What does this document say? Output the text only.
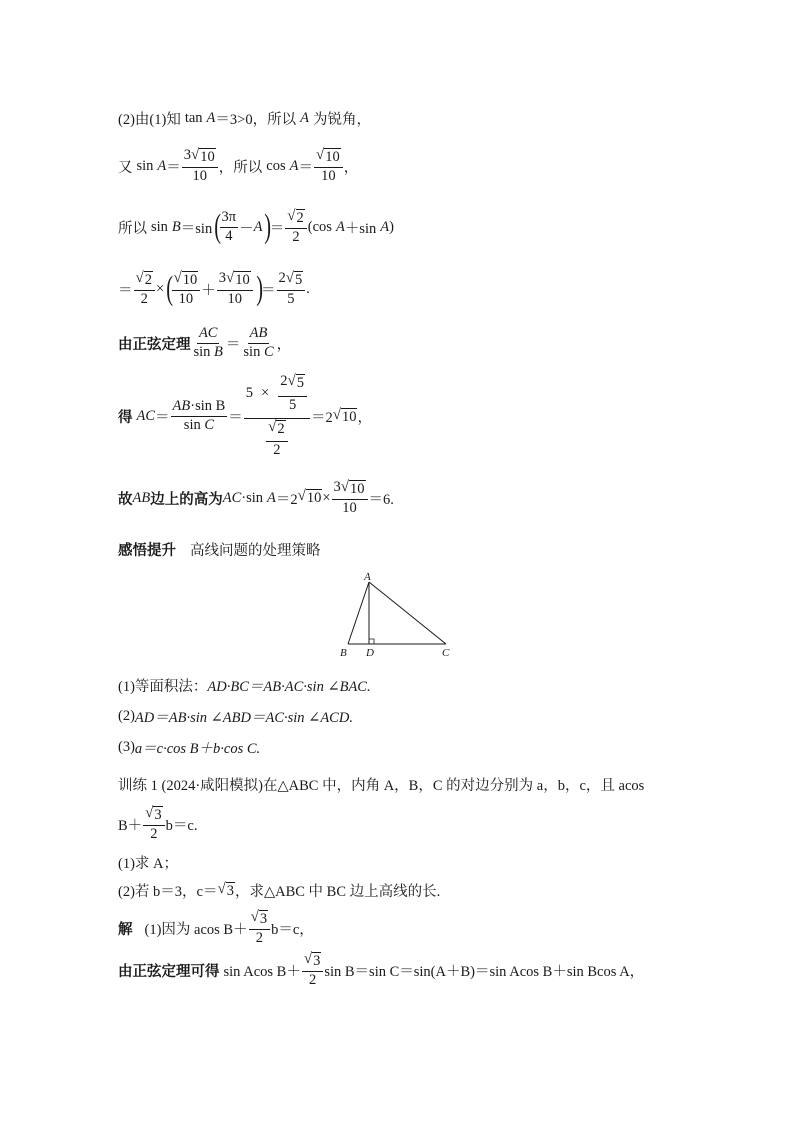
(2)由(1)知 tan A ＝3>0，所以 A 为锐角，
又 $\sin A = \frac{3 √ 10}{10}$ ，所以 $\cos A = \frac{√ 10}{10}$ ，
所以 sin B ＝sin (
$\frac{3\pi}{4} - A$ )
＝ $\frac{√ 2}{2} (\cos$ A ＋sin A )
＝ $\frac{√ 2}{2}$ × (
$\frac{√ 10}{10} + \frac{3 √ 10}{10}$ )
＝ $\frac{2 √ 5}{5}$ .
由正弦定理 $\frac{AC}{\text{sin B}} = \frac{AB}{\text{sin C}}$ ，
得 AC ＝ $\frac{\text{AB·sin B}}{\text{sin C}} = \frac{5 \times \frac{2 √ 5}{5}}{\frac{√ 2}{2}} =2$ √ 10 ，
故 AB 边上的高为 AC ·sin A ＝2 √ $10 \times \frac{3 √ 10}{10} =6$.
感悟提升 高线问题的处理策略
A
B D	C
(1)等面积法： AD·BC＝AB·AC·sin ∠BAC.
(2) AD＝AB·sin ∠ABD＝AC·sin ∠ACD.
(3) a＝c·cos B＋b·cos C.
训练 1 (2024·咸阳模拟)在△ABC 中，内角 A，B，C 的对边分别为 a，b，c，且 acos
$B+ \frac{√ 3}{2} b=c$.
(1)求 A；
(2)若 b＝3，c＝ √ 3 ，求△ABC 中 BC 边上高线的长.
解 (1)因为 acos $B+ \frac{√ 3}{2} b=c$，
由正弦定理可得 sin Acos $B+ \frac{√ 3}{2}$ sin B＝sin C＝sin(A＋B)＝sin Acos B＋sin Bcos A，
